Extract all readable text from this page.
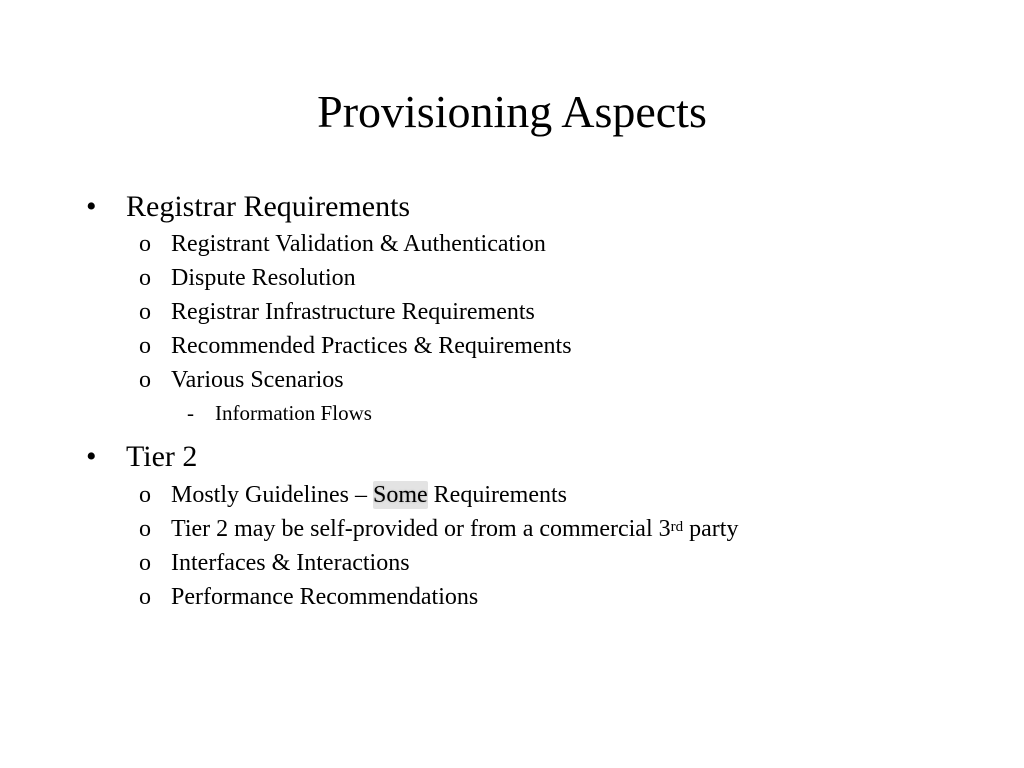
Provisioning Aspects
• Registrar Requirements
o Registrant Validation & Authentication
o Dispute Resolution
o Registrar Infrastructure Requirements
o Recommended Practices & Requirements
o Various Scenarios
- Information Flows
• Tier 2
o Mostly Guidelines – Some Requirements
o Tier 2 may be self-provided or from a commercial 3rd party
o Interfaces & Interactions
o Performance Recommendations
